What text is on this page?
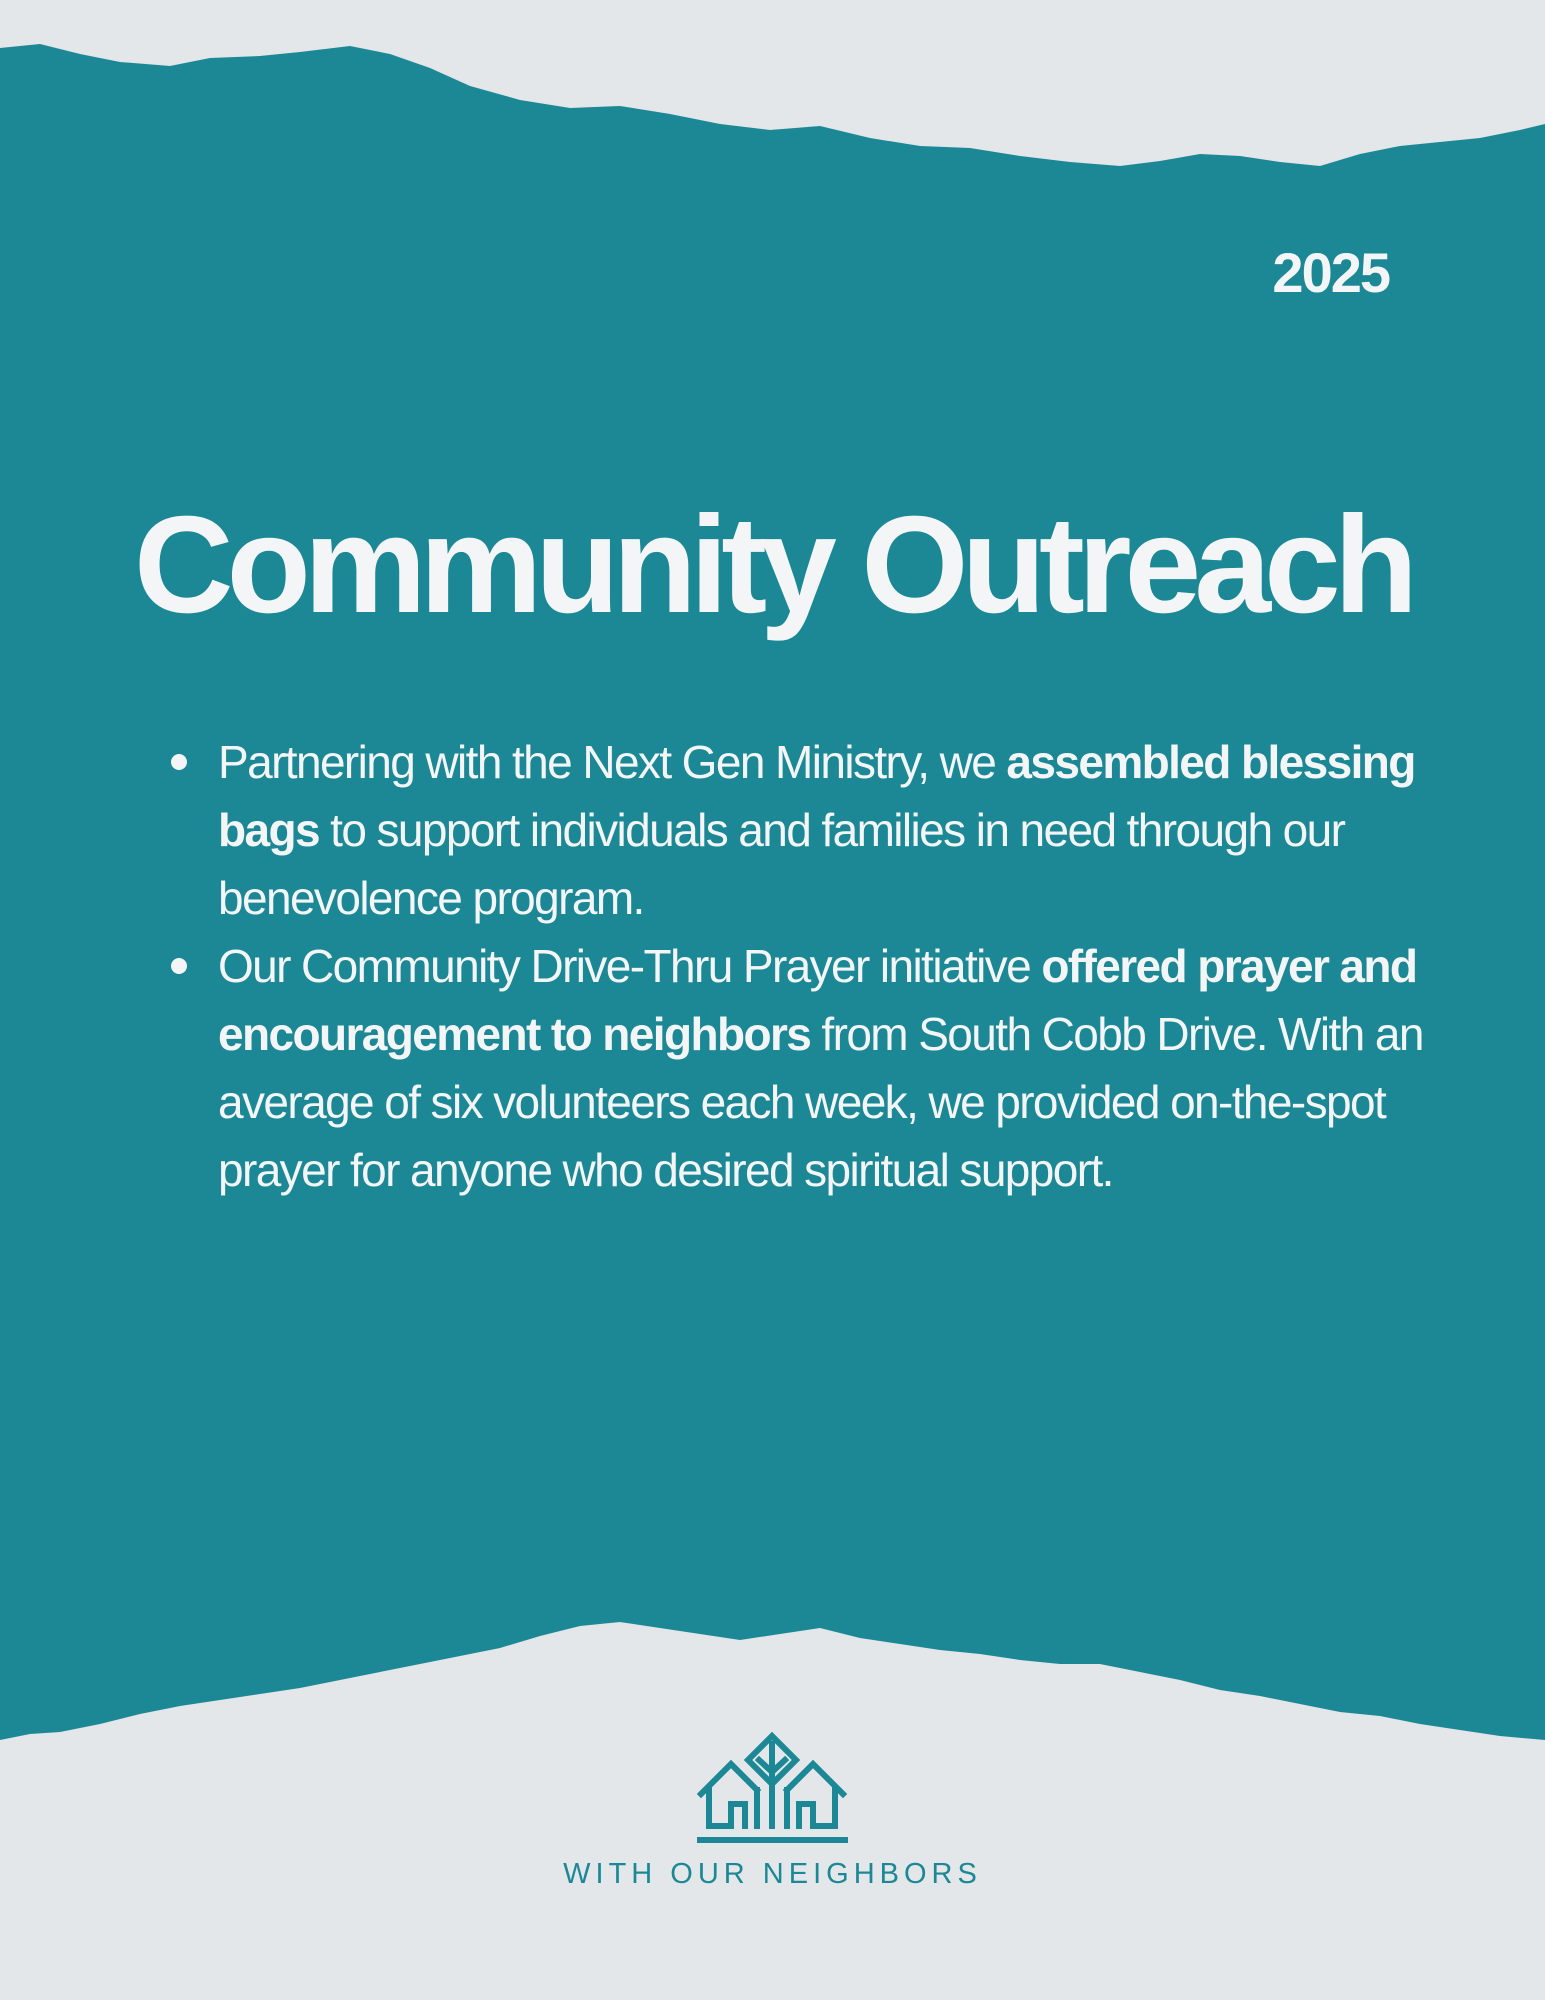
2025
Community Outreach
Partnering with the Next Gen Ministry, we assembled blessing bags to support individuals and families in need through our benevolence program.
Our Community Drive-Thru Prayer initiative offered prayer and encouragement to neighbors from South Cobb Drive. With an average of six volunteers each week, we provided on-the-spot prayer for anyone who desired spiritual support.
WITH OUR NEIGHBORS
